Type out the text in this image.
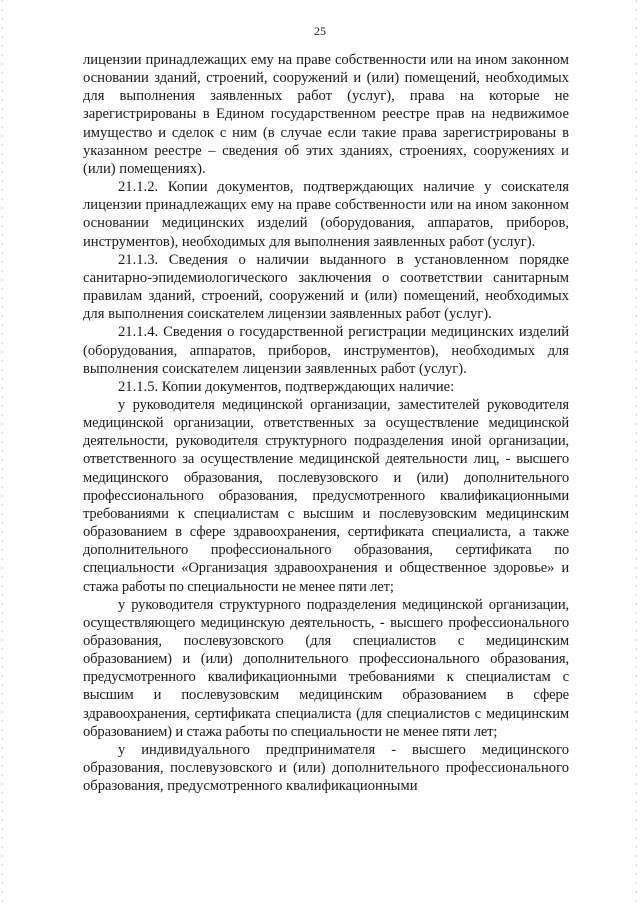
25

лицензии принадлежащих ему на праве собственности или на ином законном основании зданий, строений, сооружений и (или) помещений, необходимых для выполнения заявленных работ (услуг), права на которые не зарегистрированы в Едином государственном реестре прав на недвижимое имущество и сделок с ним (в случае если такие права зарегистрированы в указанном реестре – сведения об этих зданиях, строениях, сооружениях и (или) помещениях).

21.1.2. Копии документов, подтверждающих наличие у соискателя лицензии принадлежащих ему на праве собственности или на ином законном основании медицинских изделий (оборудования, аппаратов, приборов, инструментов), необходимых для выполнения заявленных работ (услуг).

21.1.3. Сведения о наличии выданного в установленном порядке санитарно-эпидемиологического заключения о соответствии санитарным правилам зданий, строений, сооружений и (или) помещений, необходимых для выполнения соискателем лицензии заявленных работ (услуг).

21.1.4. Сведения о государственной регистрации медицинских изделий (оборудования, аппаратов, приборов, инструментов), необходимых для выполнения соискателем лицензии заявленных работ (услуг).

21.1.5. Копии документов, подтверждающих наличие:

у руководителя медицинской организации, заместителей руководителя медицинской организации, ответственных за осуществление медицинской деятельности, руководителя структурного подразделения иной организации, ответственного за осуществление медицинской деятельности лиц, - высшего медицинского образования, послевузовского и (или) дополнительного профессионального образования, предусмотренного квалификационными требованиями к специалистам с высшим и послевузовским медицинским образованием в сфере здравоохранения, сертификата специалиста, а также дополнительного профессионального образования, сертификата по специальности «Организация здравоохранения и общественное здоровье» и стажа работы по специальности не менее пяти лет;

у руководителя структурного подразделения медицинской организации, осуществляющего медицинскую деятельность, - высшего профессионального образования, послевузовского (для специалистов с медицинским образованием) и (или) дополнительного профессионального образования, предусмотренного квалификационными требованиями к специалистам с высшим и послевузовским медицинским образованием в сфере здравоохранения, сертификата специалиста (для специалистов с медицинским образованием) и стажа работы по специальности не менее пяти лет;

у индивидуального предпринимателя - высшего медицинского образования, послевузовского и (или) дополнительного профессионального образования, предусмотренного квалификационными
